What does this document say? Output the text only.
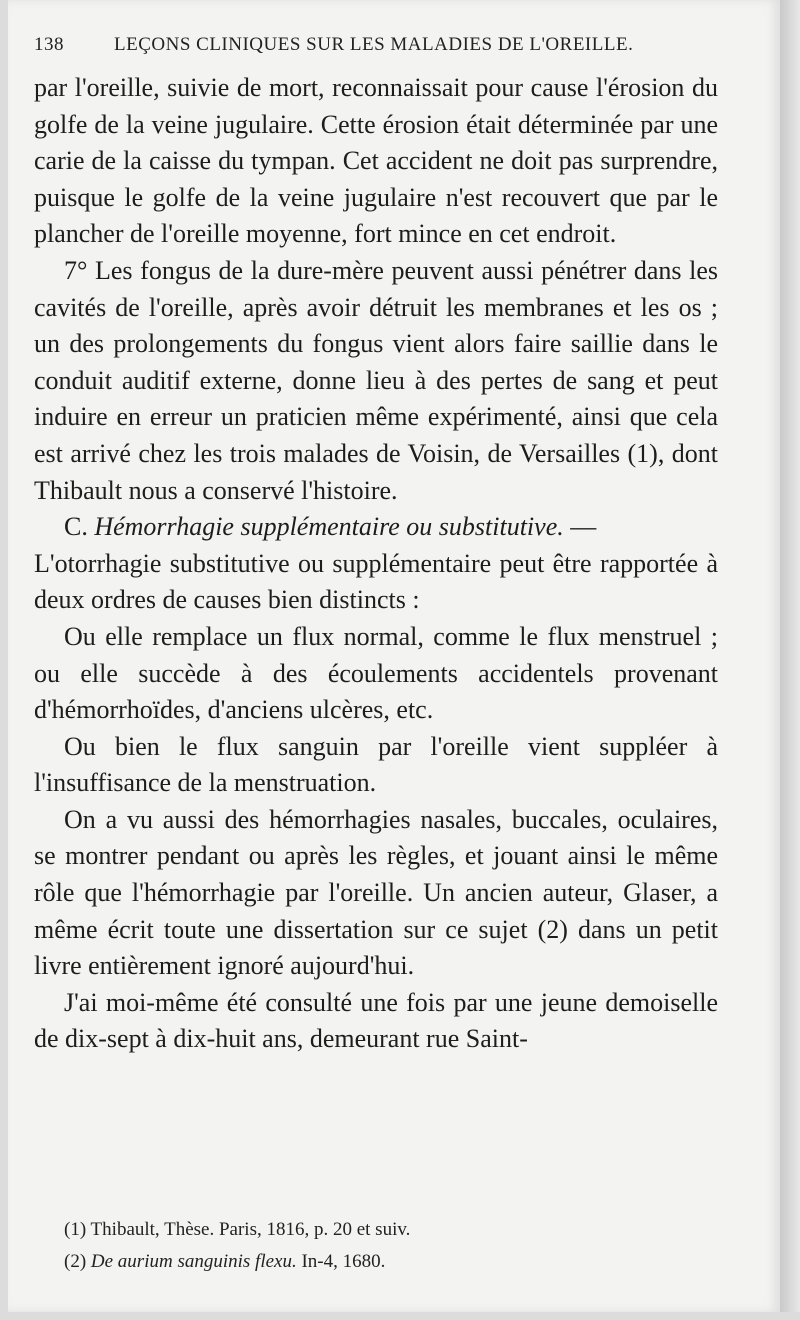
138	LEÇONS CLINIQUES SUR LES MALADIES DE L'OREILLE.

par l'oreille, suivie de mort, reconnaissait pour cause l'érosion du golfe de la veine jugulaire. Cette érosion était déterminée par une carie de la caisse du tympan. Cet accident ne doit pas surprendre, puisque le golfe de la veine jugulaire n'est recouvert que par le plancher de l'oreille moyenne, fort mince en cet endroit.

7° Les fongus de la dure-mère peuvent aussi pénétrer dans les cavités de l'oreille, après avoir détruit les membranes et les os ; un des prolongements du fongus vient alors faire saillie dans le conduit auditif externe, donne lieu à des pertes de sang et peut induire en erreur un praticien même expérimenté, ainsi que cela est arrivé chez les trois malades de Voisin, de Versailles (1), dont Thibault nous a conservé l'histoire.

C. Hémorrhagie supplémentaire ou substitutive. —

L'otorrhagie substitutive ou supplémentaire peut être rapportée à deux ordres de causes bien distincts :

Ou elle remplace un flux normal, comme le flux menstruel ; ou elle succède à des écoulements accidentels provenant d'hémorrhoïdes, d'anciens ulcères, etc.

Ou bien le flux sanguin par l'oreille vient suppléer à l'insuffisance de la menstruation.

On a vu aussi des hémorrhagies nasales, buccales, oculaires, se montrer pendant ou après les règles, et jouant ainsi le même rôle que l'hémorrhagie par l'oreille. Un ancien auteur, Glaser, a même écrit toute une dissertation sur ce sujet (2) dans un petit livre entièrement ignoré aujourd'hui.

J'ai moi-même été consulté une fois par une jeune demoiselle de dix-sept à dix-huit ans, demeurant rue Saint-

(1) Thibault, Thèse. Paris, 1816, p. 20 et suiv.

(2) De aurium sanguinis flexu. In-4, 1680.
